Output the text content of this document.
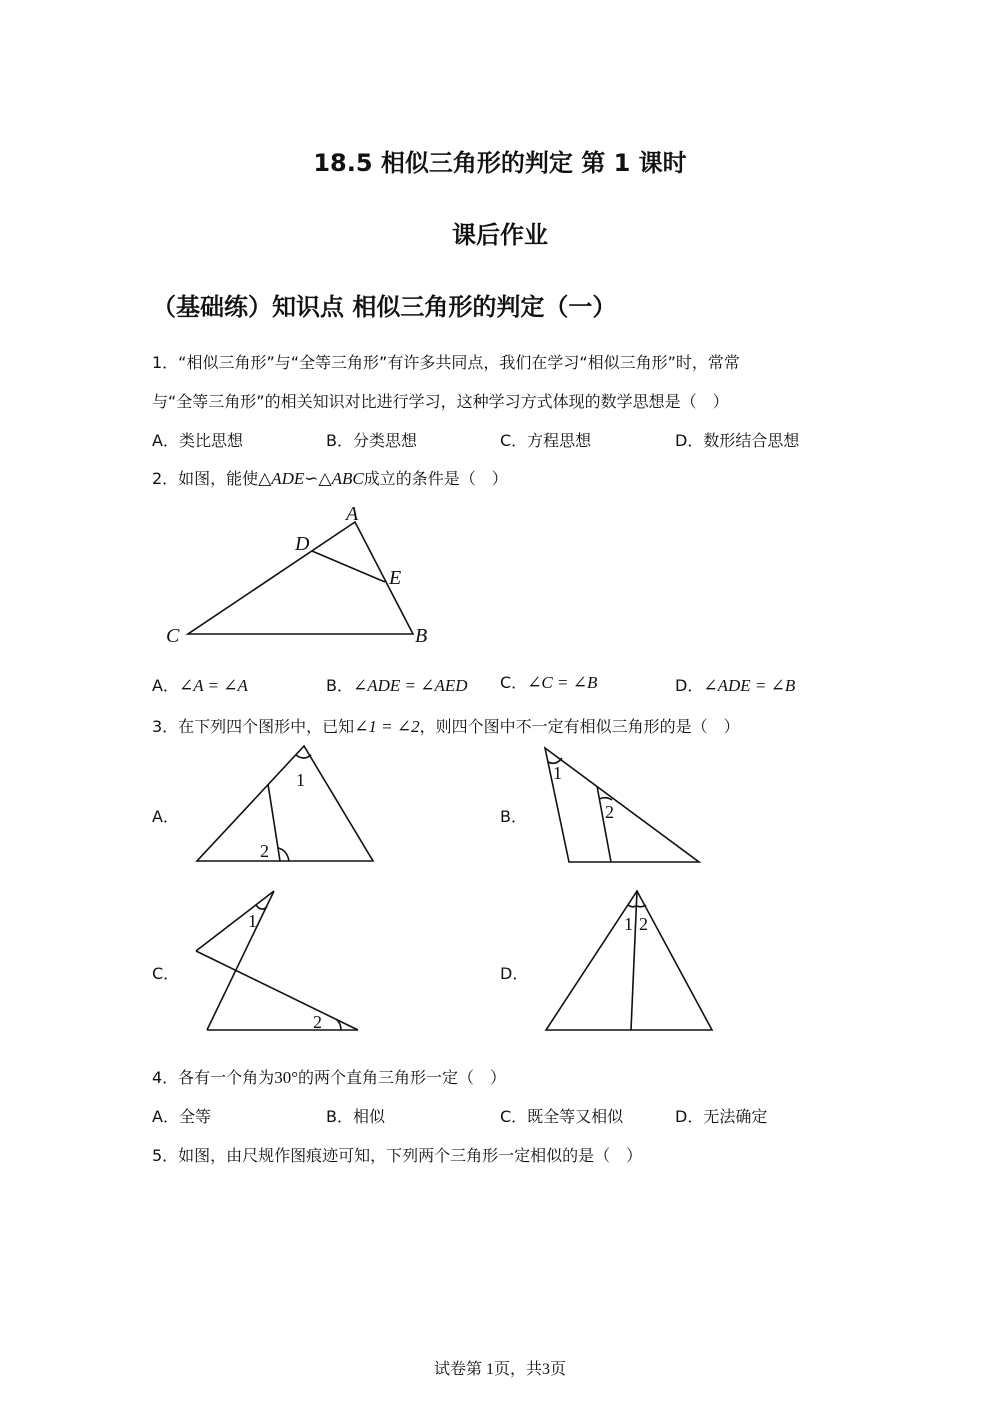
18.5 相似三角形的判定 第 1 课时
课后作业
（基础练）知识点 相似三角形的判定（一）
1．“相似三角形”与“全等三角形”有许多共同点，我们在学习“相似三角形”时，常常
与“全等三角形”的相关知识对比进行学习，这种学习方式体现的数学思想是（　）
A．类比思想	B．分类思想	C．方程思想	D．数形结合思想
2．如图，能使△ADE∽△ABC成立的条件是（　）
A
D
E
C	B
A．∠A = ∠A	B．∠ADE = ∠AED C．∠C = ∠B	D．∠ADE = ∠B
3．在下列四个图形中，已知∠1 = ∠2，则四个图中不一定有相似三角形的是（　）
A．
1
2
B．
1
2
C．
1
2
D．
1 2
4．各有一个角为30°的两个直角三角形一定（　）
A．全等	B．相似	C．既全等又相似	D．无法确定
5．如图，由尺规作图痕迹可知，下列两个三角形一定相似的是（　）
试卷第 1页，共3页
